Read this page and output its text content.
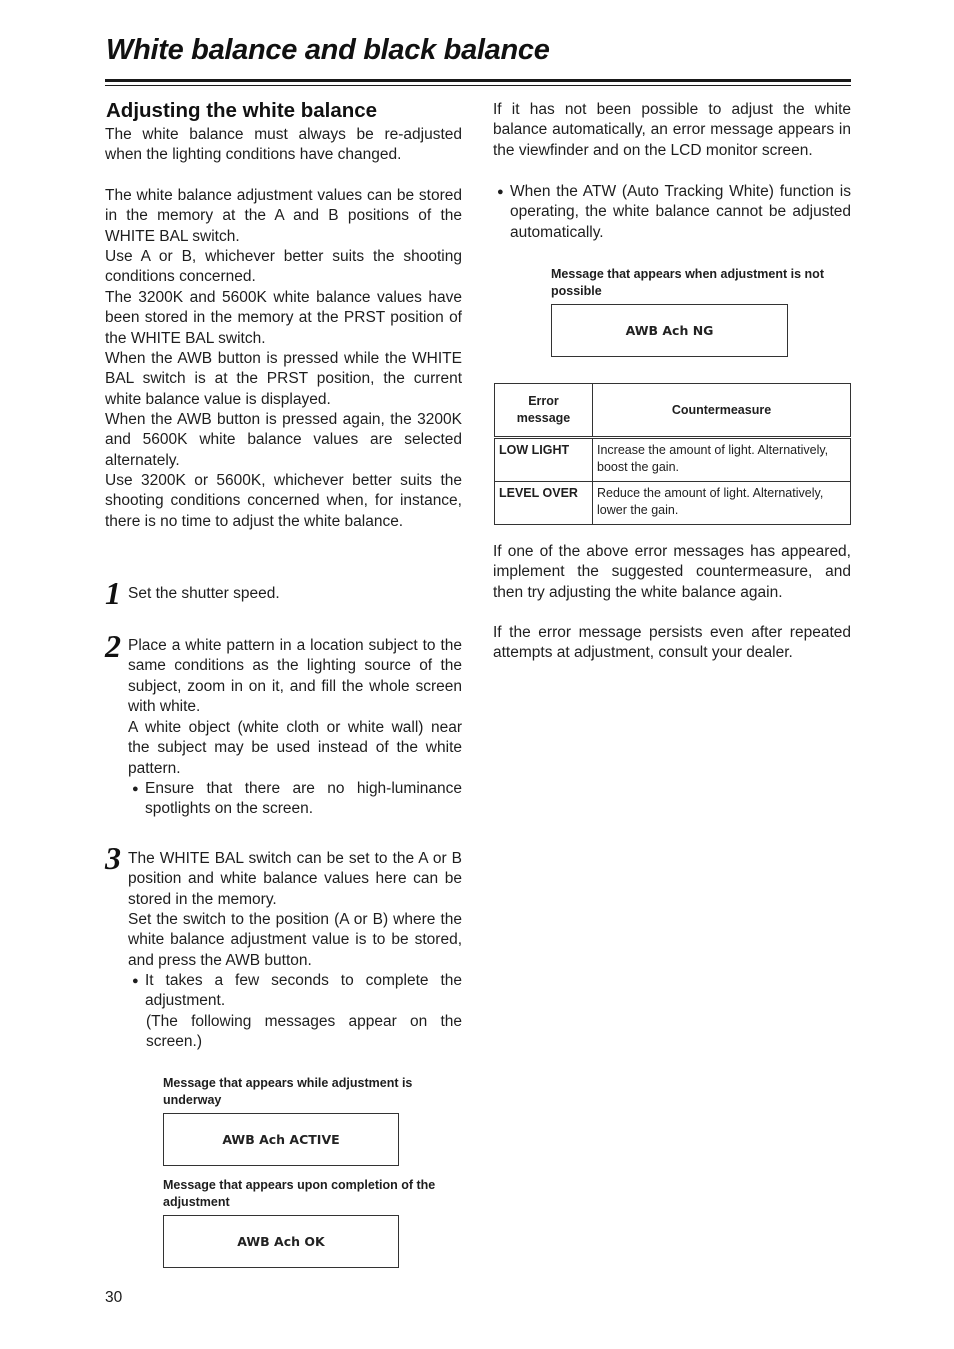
White balance and black balance
Adjusting the white balance

The white balance must always be re-adjusted when the lighting conditions have changed.

The white balance adjustment values can be stored in the memory at the A and B positions of the WHITE BAL switch.

Use A or B, whichever better suits the shooting conditions concerned.

The 3200K and 5600K white balance values have been stored in the memory at the PRST position of the WHITE BAL switch.

When the AWB button is pressed while the WHITE BAL switch is at the PRST position, the current white balance value is displayed.

When the AWB button is pressed again, the 3200K and 5600K white balance values are selected alternately.

Use 3200K or 5600K, whichever better suits the shooting conditions concerned when, for instance, there is no time to adjust the white balance.

1 Set the shutter speed.

2 Place a white pattern in a location subject to the same conditions as the lighting source of the subject, zoom in on it, and fill the whole screen with white.

A white object (white cloth or white wall) near the subject may be used instead of the white pattern.

● Ensure that there are no high-luminance spotlights on the screen.
3 The WHITE BAL switch can be set to the A or B position and white balance values here can be stored in the memory.

Set the switch to the position (A or B) where the white balance adjustment value is to be stored, and press the AWB button.

● It takes a few seconds to complete the adjustment.

(The following messages appear on the screen.)

Message that appears while adjustment is underway
AWB Ach ACTIVE
Message that appears upon completion of the adjustment
AWB Ach OK

If it has not been possible to adjust the white balance automatically, an error message appears in the viewfinder and on the LCD monitor screen.

● When the ATW (Auto Tracking White) function is operating, the white balance cannot be adjusted automatically.
Message that appears when adjustment is not possible
AWB Ach NG
Error message	Countermeasure
LOW LIGHT	Increase the amount of light. Alternatively, boost the gain.
LEVEL OVER	Reduce the amount of light. Alternatively, lower the gain.

If one of the above error messages has appeared, implement the suggested countermeasure, and then try adjusting the white balance again.

If the error message persists even after repeated attempts at adjustment, consult your dealer.

30
